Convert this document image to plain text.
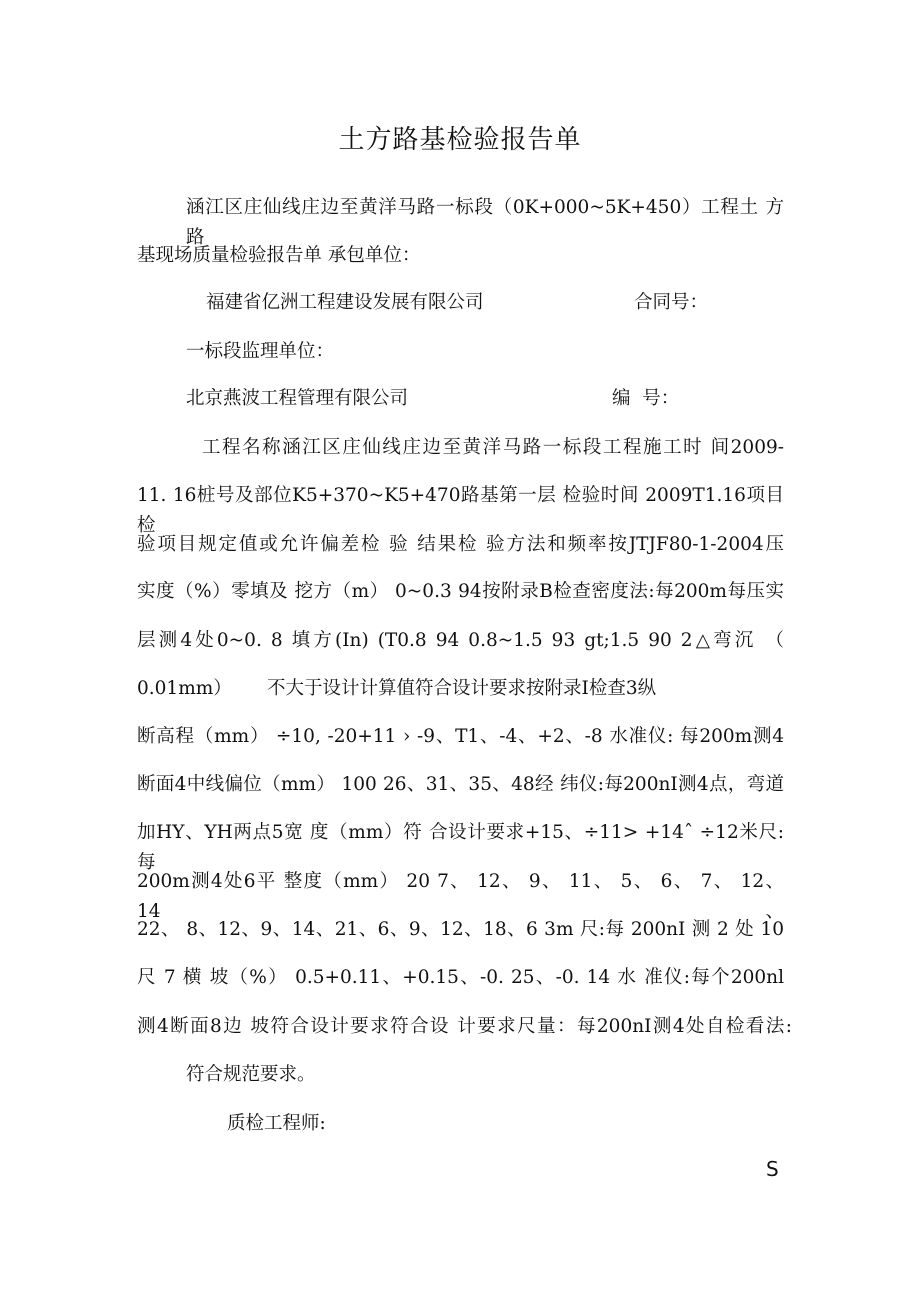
土方路基检验报告单
涵江区庄仙线庄边至黄洋马路一标段（0K+000~5K+450）工程土 方路
基现场质量检验报告单 承包单位：
福建省亿洲工程建设发展有限公司	合同号：
一标段监理单位：
北京燕波工程管理有限公司	编  号：
工程名称涵江区庄仙线庄边至黄洋马路一标段工程施工时 间2009-
11. 16桩号及部位K5+370~K5+470路基第一层 检验时间 2009T1.16项目检
验项目规定值或允许偏差检 验 结果检 验方法和频率按JTJF80-1-2004压
实度（%）零填及 挖方（m） 0~0.3 94按附录B检查密度法:每200m每压实
层测4处0~0. 8 填方(In) (T0.8 94 0.8~1.5 93 gt;1.5 90 2△弯沉 （
0.01mm）      不大于设计计算值符合设计要求按附录I检查3纵
断高程（mm） ÷10, -20+11 › -9、T1、-4、+2、-8 水准仪: 每200m测4
断面4中线偏位（mm） 100 26、31、35、48经 纬仪:每200nI测4点，弯道
加HY、YH两点5宽 度（mm）符 合设计要求+15、÷11> +14ˆ ÷12米尺:每
200m测4处6平 整度（mm） 20 7、 12、 9、 11、 5、 6、 7、 12、 14、
22、 8、12、9、14、21、6、9、12、18、6 3m 尺:每 200nI 测 2 处 10
尺 7 横 坡（%） 0.5+0.11、+0.15、-0. 25、-0. 14 水 准仪:每个200nl
测4断面8边 坡符合设计要求符合设 计要求尺量：每200nI测4处自检看法:
符合规范要求。
质检工程师:
S
